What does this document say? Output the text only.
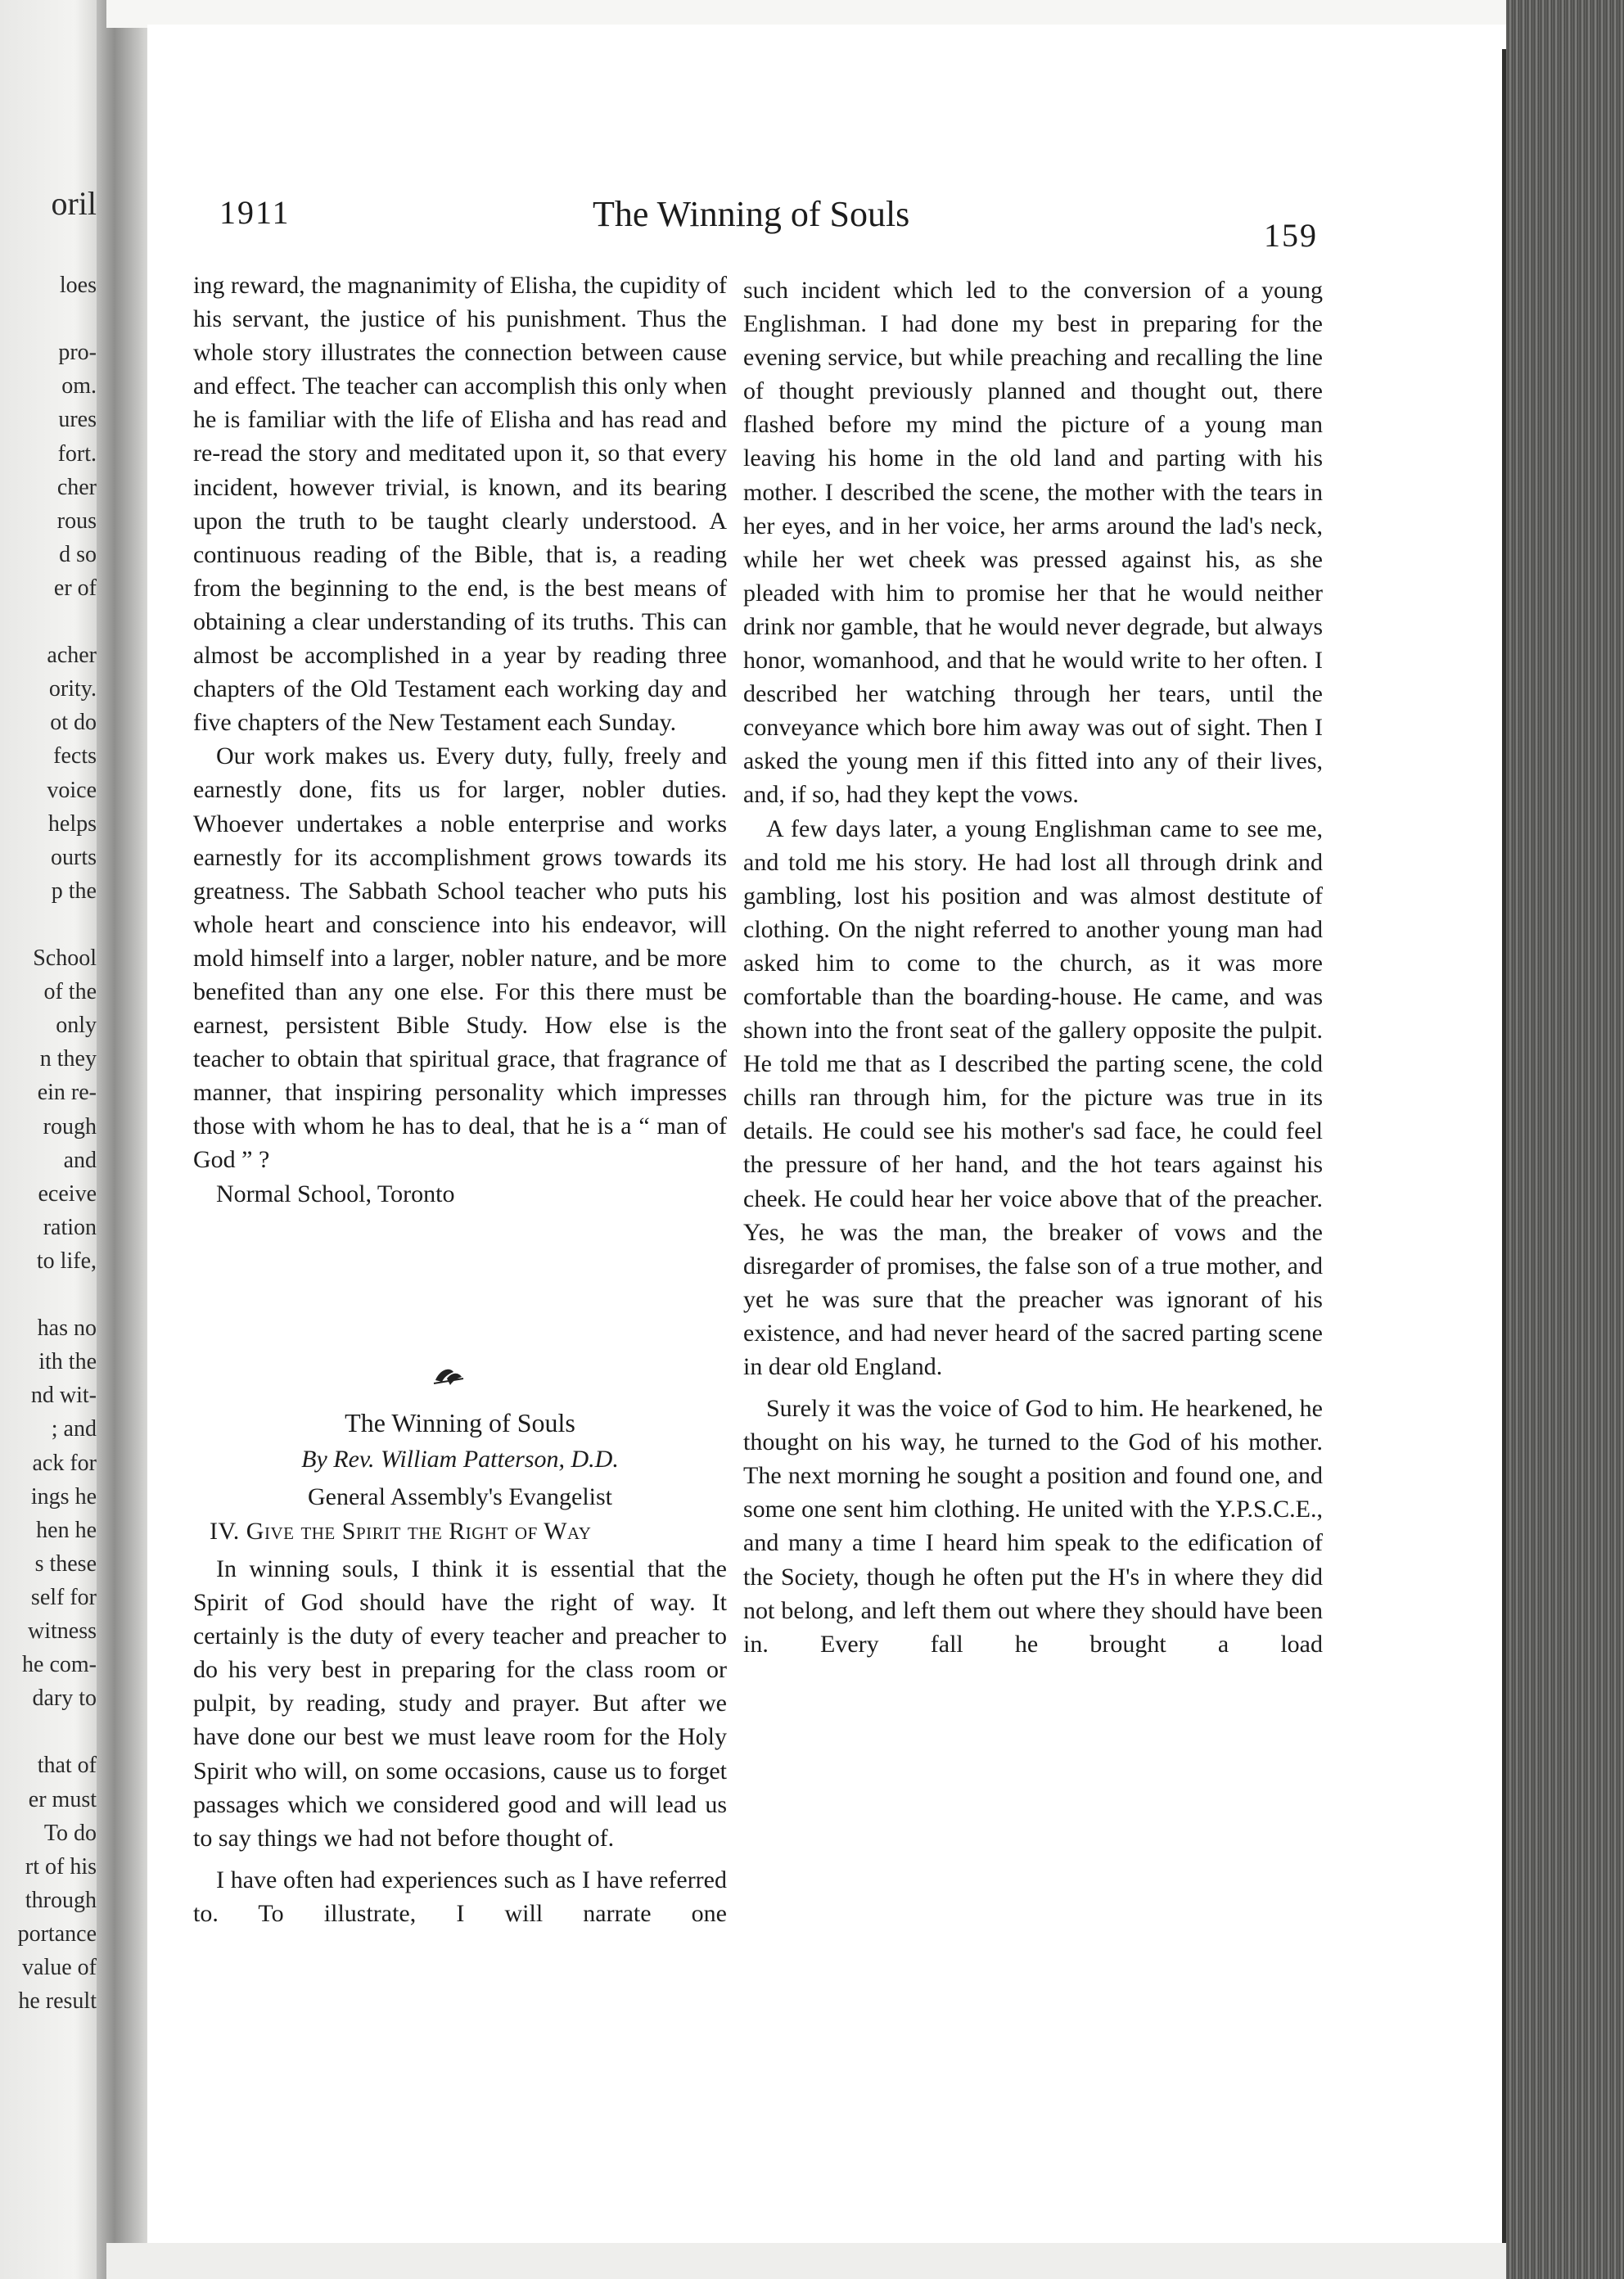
oril
loes
pro-
om.
ures
fort.
cher
rous
d so
er of
acher
ority.
ot do
fects
voice
helps
ourts
p the
School
of the
only
n they
ein re-
rough
and
eceive
ration
to life,
has no
ith the
nd wit-
; and
ack for
ings he
hen he
s these
self for
witness
he com-
dary to
that of
er must
To do
rt of his
through
portance
value of
he result
1911	The Winning of Souls
159

ing reward, the magnanimity of Elisha, the cupidity of his servant, the justice of his punishment. Thus the whole story illustrates the connection between cause and effect. The teacher can accomplish this only when he is familiar with the life of Elisha and has read and re-read the story and meditated upon it, so that every incident, however trivial, is known, and its bearing upon the truth to be taught clearly understood. A continuous reading of the Bible, that is, a reading from the beginning to the end, is the best means of obtaining a clear understanding of its truths. This can almost be accomplished in a year by reading three chapters of the Old Testament each working day and five chapters of the New Testament each Sunday.

Our work makes us. Every duty, fully, freely and earnestly done, fits us for larger, nobler duties. Whoever undertakes a noble enterprise and works earnestly for its accomplishment grows towards its greatness. The Sabbath School teacher who puts his whole heart and conscience into his endeavor, will mold himself into a larger, nobler nature, and be more benefited than any one else. For this there must be earnest, persistent Bible Study. How else is the teacher to obtain that spiritual grace, that fragrance of manner, that inspiring personality which impresses those with whom he has to deal, that he is a “ man of God ” ?

Normal School, Toronto

The Winning of Souls
By Rev. William Patterson, D.D.
General Assembly's Evangelist
IV. Give the Spirit the Right of Way

In winning souls, I think it is essential that the Spirit of God should have the right of way. It certainly is the duty of every teacher and preacher to do his very best in preparing for the class room or pulpit, by reading, study and prayer. But after we have done our best we must leave room for the Holy Spirit who will, on some occasions, cause us to forget passages which we considered good and will lead us to say things we had not before thought of.

I have often had experiences such as I have referred to. To illustrate, I will narrate one

such incident which led to the conversion of a young Englishman. I had done my best in preparing for the evening service, but while preaching and recalling the line of thought previously planned and thought out, there flashed before my mind the picture of a young man leaving his home in the old land and parting with his mother. I described the scene, the mother with the tears in her eyes, and in her voice, her arms around the lad's neck, while her wet cheek was pressed against his, as she pleaded with him to promise her that he would neither drink nor gamble, that he would never degrade, but always honor, womanhood, and that he would write to her often. I described her watching through her tears, until the conveyance which bore him away was out of sight. Then I asked the young men if this fitted into any of their lives, and, if so, had they kept the vows.

A few days later, a young Englishman came to see me, and told me his story. He had lost all through drink and gambling, lost his position and was almost destitute of clothing. On the night referred to another young man had asked him to come to the church, as it was more comfortable than the boarding-house. He came, and was shown into the front seat of the gallery opposite the pulpit. He told me that as I described the parting scene, the cold chills ran through him, for the picture was true in its details. He could see his mother's sad face, he could feel the pressure of her hand, and the hot tears against his cheek. He could hear her voice above that of the preacher. Yes, he was the man, the breaker of vows and the disregarder of promises, the false son of a true mother, and yet he was sure that the preacher was ignorant of his existence, and had never heard of the sacred parting scene in dear old England.

Surely it was the voice of God to him. He hearkened, he thought on his way, he turned to the God of his mother. The next morning he sought a position and found one, and some one sent him clothing. He united with the Y.P.S.C.E., and many a time I heard him speak to the edification of the Society, though he often put the H's in where they did not belong, and left them out where they should have been in. Every fall he brought a load
